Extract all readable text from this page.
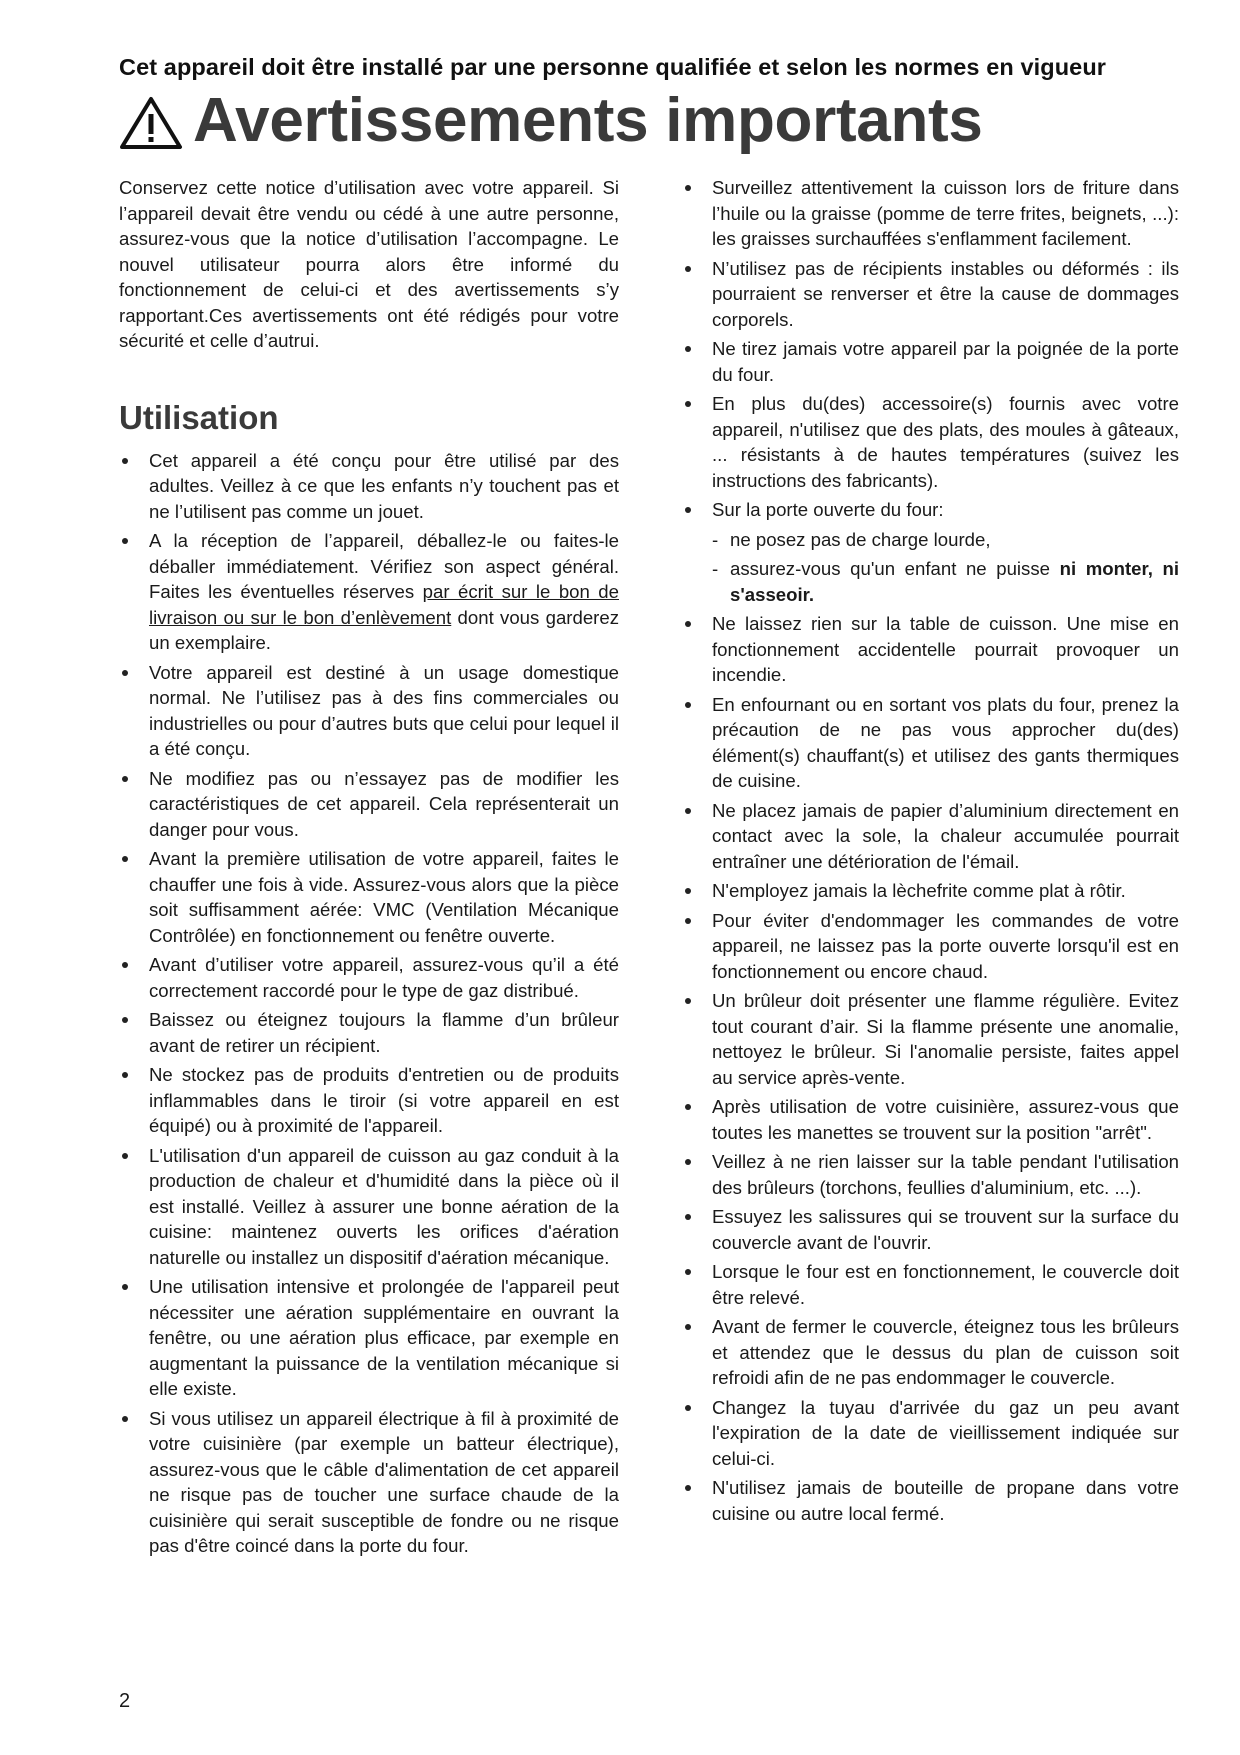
Cet appareil doit être installé par une personne qualifiée et selon les normes en vigueur
Avertissements importants

Conservez cette notice d’utilisation avec votre appareil. Si l’appareil devait être vendu ou cédé à une autre personne, assurez-vous que la notice d’utilisation l’accompagne. Le nouvel utilisateur pourra alors être informé du fonctionnement de celui-ci et des avertissements s’y rapportant.Ces avertissements ont été rédigés pour votre sécurité et celle d’autrui.

Utilisation
Cet appareil a été conçu pour être utilisé par des adultes. Veillez à ce que les enfants n’y touchent pas et ne l’utilisent pas comme un jouet.
A la réception de l’appareil, déballez-le ou faites-le déballer immédiatement. Vérifiez son aspect général. Faites les éventuelles réserves par écrit sur le bon de livraison ou sur le bon d’enlèvement dont vous garderez un exemplaire.
Votre appareil est destiné à un usage domestique normal. Ne l’utilisez pas à des fins commerciales ou industrielles ou pour d’autres buts que celui pour lequel il a été conçu.
Ne modifiez pas ou n’essayez pas de modifier les caractéristiques de cet appareil. Cela représenterait un danger pour vous.
Avant la première utilisation de votre appareil, faites le chauffer une fois à vide. Assurez-vous alors que la pièce soit suffisamment aérée: VMC (Ventilation Mécanique Contrôlée) en fonctionnement ou fenêtre ouverte.
Avant d’utiliser votre appareil, assurez-vous qu’il a été correctement raccordé pour le type de gaz distribué.
Baissez ou éteignez toujours la flamme d’un brûleur avant de retirer un récipient.
Ne stockez pas de produits d'entretien ou de produits inflammables dans le tiroir (si votre appareil en est équipé) ou à proximité de l'appareil.
L'utilisation d'un appareil de cuisson au gaz conduit à la production de chaleur et d'humidité dans la pièce où il est installé. Veillez à assurer une bonne aération de la cuisine: maintenez ouverts les orifices d'aération naturelle ou installez un dispositif d'aération mécanique.
Une utilisation intensive et prolongée de l'appareil peut nécessiter une aération supplémentaire en ouvrant la fenêtre, ou une aération plus efficace, par exemple en augmentant la puissance de la ventilation mécanique si elle existe.
Si vous utilisez un appareil électrique à fil à proximité de votre cuisinière (par exemple un batteur électrique), assurez-vous que le câble d'alimentation de cet appareil ne risque pas de toucher une surface chaude de la cuisinière qui serait susceptible de fondre ou ne risque pas d'être coincé dans la porte du four.
Surveillez attentivement la cuisson lors de friture dans l’huile ou la graisse (pomme de terre frites, beignets, ...): les graisses surchauffées s'enflamment facilement.
N’utilisez pas de récipients instables ou déformés : ils pourraient se renverser et être la cause de dommages corporels.
Ne tirez jamais votre appareil par la poignée de la porte du four.
En plus du(des) accessoire(s) fournis avec votre appareil, n'utilisez que des plats, des moules à gâteaux, ... résistants à de hautes températures (suivez les instructions des fabricants).
Sur la porte ouverte du four:
- ne posez pas de charge lourde,
- assurez-vous qu'un enfant ne puisse ni monter, ni s'asseoir.
Ne laissez rien sur la table de cuisson. Une mise en fonctionnement accidentelle pourrait provoquer un incendie.
En enfournant ou en sortant vos plats du four, prenez la précaution de ne pas vous approcher du(des) élément(s) chauffant(s) et utilisez des gants thermiques de cuisine.
Ne placez jamais de papier d’aluminium directement en contact avec la sole, la chaleur accumulée pourrait entraîner une détérioration de l'émail.
N'employez jamais la lèchefrite comme plat à rôtir.
Pour éviter d'endommager les commandes de votre appareil, ne laissez pas la porte ouverte lorsqu'il est en fonctionnement ou encore chaud.
Un brûleur doit présenter une flamme régulière. Evitez tout courant d’air. Si la flamme présente une anomalie, nettoyez le brûleur. Si l'anomalie persiste, faites appel au service après-vente.
Après utilisation de votre cuisinière, assurez-vous que toutes les manettes se trouvent sur la position "arrêt".
Veillez à ne rien laisser sur la table pendant l'utilisation des brûleurs (torchons, feullies d'aluminium, etc. ...).
Essuyez les salissures qui se trouvent sur la surface du couvercle avant de l'ouvrir.
Lorsque le four est en fonctionnement, le couvercle doit être relevé.
Avant de fermer le couvercle, éteignez tous les brûleurs et attendez que le dessus du plan de cuisson soit refroidi afin de ne pas endommager le couvercle.
Changez la tuyau d'arrivée du gaz un peu avant l'expiration de la date de vieillissement indiquée sur celui-ci.
N'utilisez jamais de bouteille de propane dans votre cuisine ou autre local fermé.
2
